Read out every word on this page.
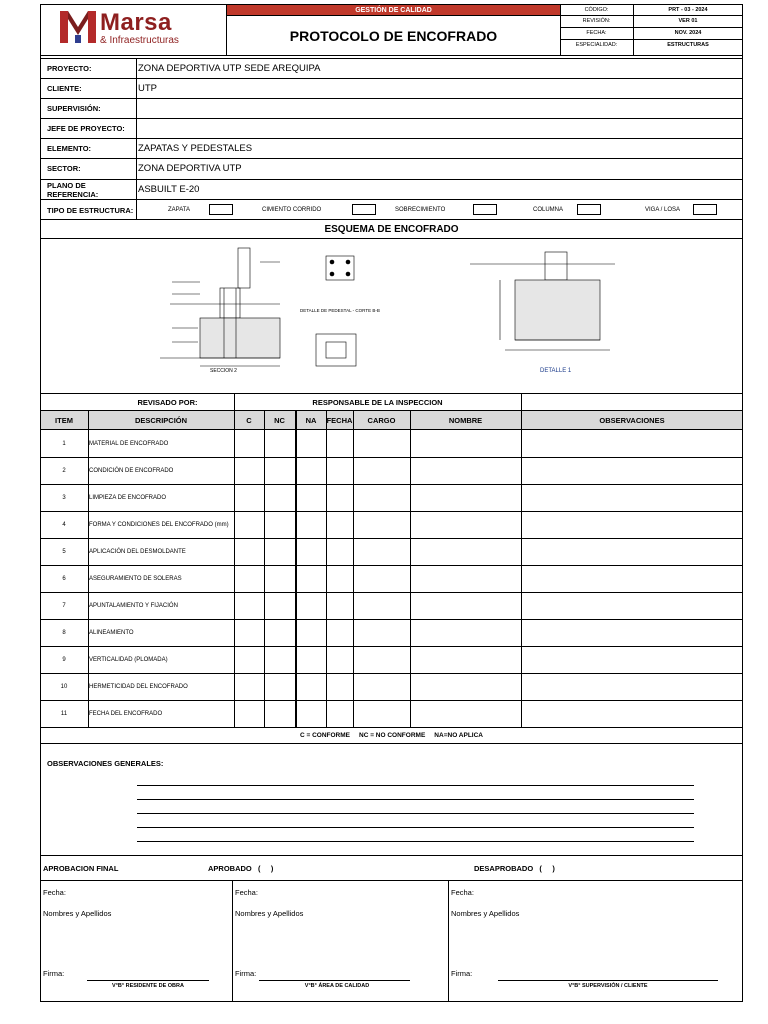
Marsa
& Infraestructuras
GESTIÓN DE CALIDAD
PROTOCOLO DE ENCOFRADO
CÓDIGO:	PRT - 03 - 2024
REVISIÓN:	VER 01
FECHA:	NOV. 2024
ESPECIALIDAD:	ESTRUCTURAS
PROYECTO:	ZONA DEPORTIVA UTP SEDE AREQUIPA
CLIENTE:	UTP
SUPERVISIÓN:
JEFE DE PROYECTO:
ELEMENTO:	ZAPATAS Y PEDESTALES
SECTOR:	ZONA DEPORTIVA UTP
PLANO DE REFERENCIA:	ASBUILT E-20
TIPO DE ESTRUCTURA:	ZAPATA	CIMIENTO CORRIDO	SOBRECIMIENTO	COLUMNA	VIGA / LOSA
ESQUEMA DE ENCOFRADO
SECCION 2
DETALLE DE PEDESTAL - CORTE B-B
DETALLE 1
REVISADO POR:	RESPONSABLE DE LA INSPECCION
ITEM	DESCRIPCIÓN	C	NC	NA	FECHA	CARGO	NOMBRE	OBSERVACIONES
1	MATERIAL DE ENCOFRADO
2	CONDICIÓN DE ENCOFRADO
3	LIMPIEZA DE ENCOFRADO
4	FORMA Y CONDICIONES DEL ENCOFRADO (mm)
5	APLICACIÓN DEL DESMOLDANTE
6	ASEGURAMIENTO DE SOLERAS
7	APUNTALAMIENTO Y FIJACIÓN
8	ALINEAMIENTO
9	VERTICALIDAD (PLOMADA)
10	HERMETICIDAD DEL ENCOFRADO
11	FECHA DEL ENCOFRADO
C = CONFORME     NC = NO CONFORME     NA=NO APLICA
OBSERVACIONES GENERALES:
APROBACION FINAL	APROBADO   (     )	DESAPROBADO   (     )
Fecha:
Nombres y Apellidos
Firma:
V°B° RESIDENTE DE OBRA
Fecha:
Nombres y Apellidos
Firma:
V°B° ÁREA DE CALIDAD
Fecha:
Nombres y Apellidos
Firma:
V°B° SUPERVISIÓN / CLIENTE
